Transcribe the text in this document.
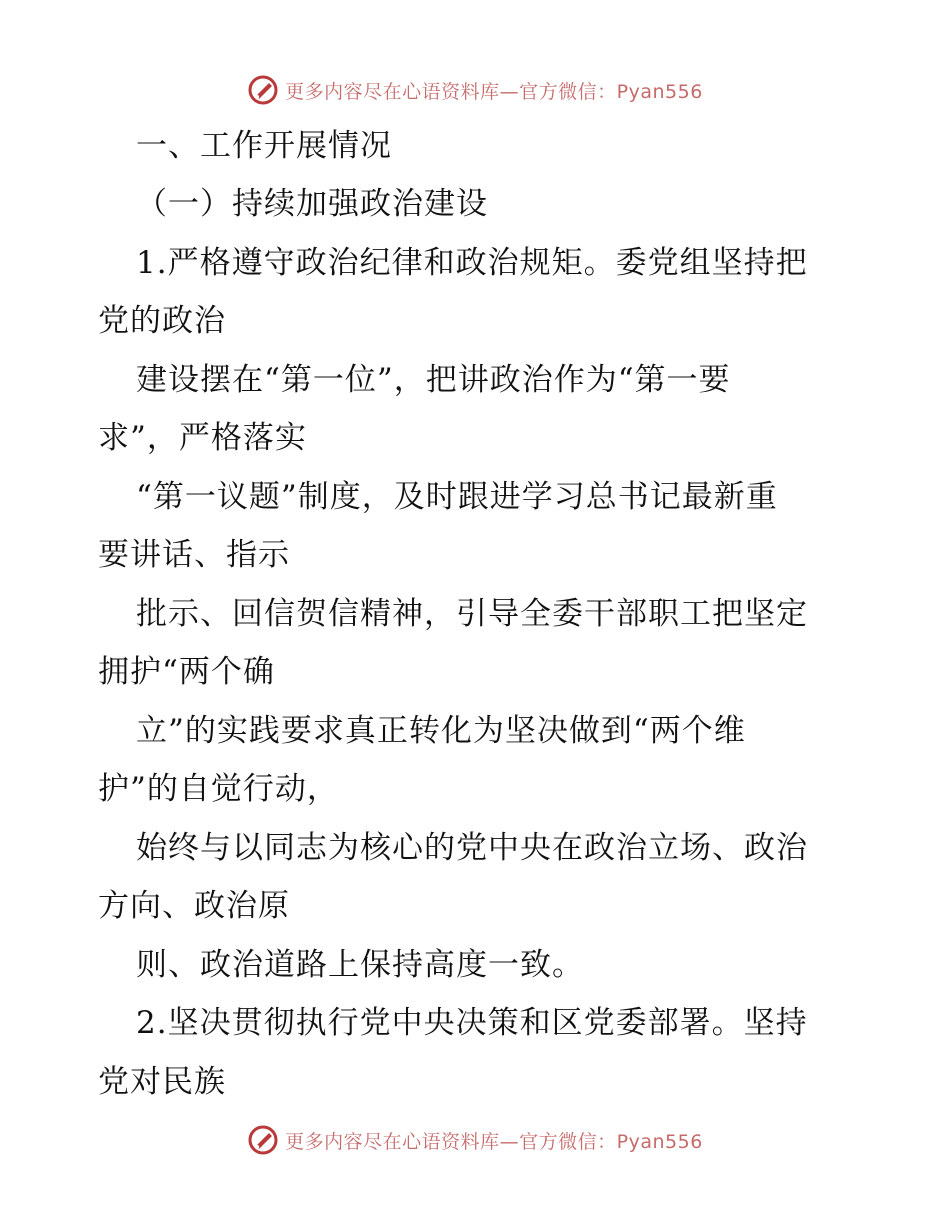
更多内容尽在心语资料库—官方微信：Pyan556
一、工作开展情况
（一）持续加强政治建设
1.严格遵守政治纪律和政治规矩。委党组坚持把
党的政治
建设摆在“第一位”，把讲政治作为“第一要
求”，严格落实
“第一议题”制度，及时跟进学习总书记最新重
要讲话、指示
批示、回信贺信精神，引导全委干部职工把坚定
拥护“两个确
立”的实践要求真正转化为坚决做到“两个维
护”的自觉行动，
始终与以同志为核心的党中央在政治立场、政治
方向、政治原
则、政治道路上保持高度一致。
2.坚决贯彻执行党中央决策和区党委部署。坚持
党对民族
更多内容尽在心语资料库—官方微信：Pyan556
